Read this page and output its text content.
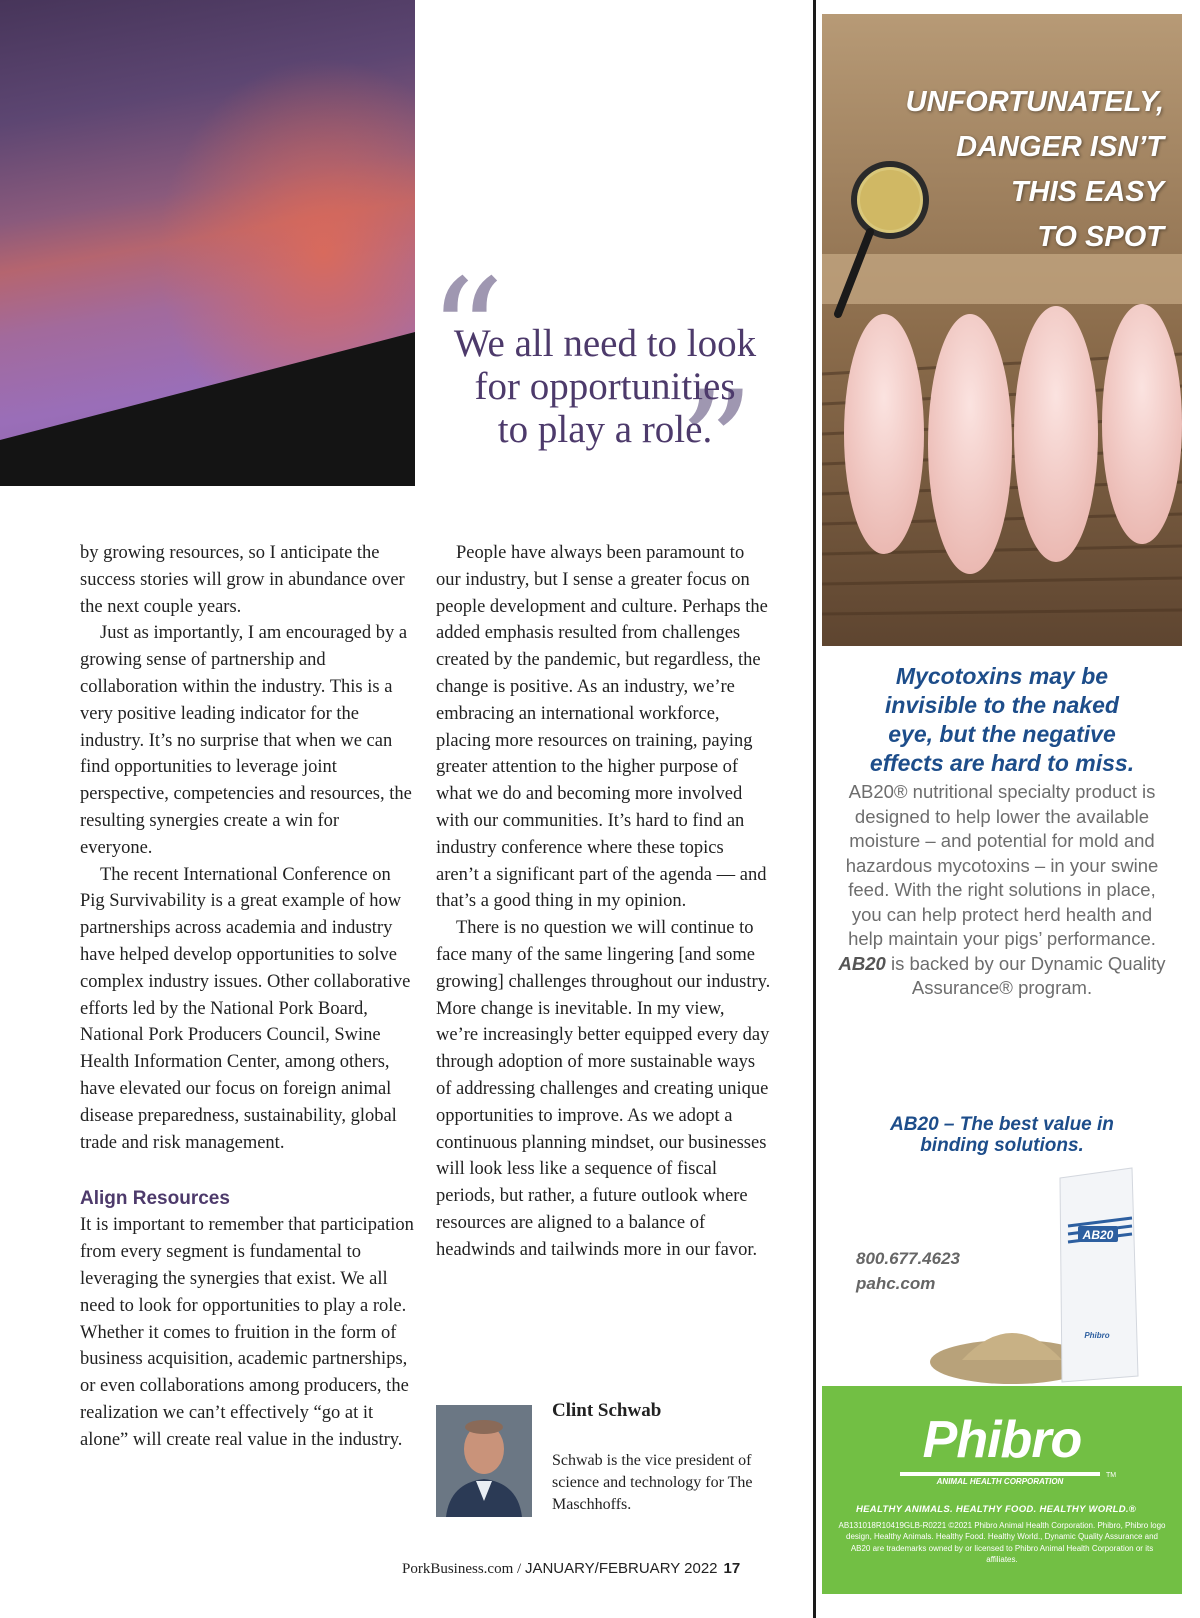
“
”
We all need to look
for opportunities
to play a role.

by growing resources, so I anticipate the success stories will grow in abundance over the next couple years.

Just as importantly, I am encouraged by a growing sense of partnership and collaboration within the industry. This is a very positive leading indicator for the industry. It’s no surprise that when we can find opportunities to leverage joint perspective, competencies and resources, the resulting synergies create a win for everyone.

The recent International Conference on Pig Survivability is a great example of how partnerships across academia and industry have helped develop opportunities to solve complex industry issues. Other collaborative efforts led by the National Pork Board, National Pork Producers Council, Swine Health Information Center, among others, have elevated our focus on foreign animal disease preparedness, sustainability, global trade and risk management.

Align Resources

It is important to remember that participation from every segment is fundamental to leveraging the synergies that exist. We all need to look for opportunities to play a role. Whether it comes to fruition in the form of business acquisition, academic partnerships, or even collaborations among producers, the realization we can’t effectively “go at it alone” will create real value in the industry.

People have always been paramount to our industry, but I sense a greater focus on people development and culture. Perhaps the added emphasis resulted from challenges created by the pandemic, but regardless, the change is positive. As an industry, we’re embracing an international workforce, placing more resources on training, paying greater attention to the higher purpose of what we do and becoming more involved with our communities. It’s hard to find an industry conference where these topics aren’t a significant part of the agenda — and that’s a good thing in my opinion.

There is no question we will continue to face many of the same lingering [and some growing] challenges throughout our industry. More change is inevitable. In my view, we’re increasingly better equipped every day through adoption of more sustainable ways of addressing challenges and creating unique opportunities to improve. As we adopt a continuous planning mindset, our businesses will look less like a sequence of fiscal periods, but rather, a future outlook where resources are aligned to a balance of headwinds and tailwinds more in our favor.

Clint Schwab
Schwab is the vice president of science and technology for The Maschhoffs.
PorkBusiness.com / JANUARY/FEBRUARY 2022 17
UNFORTUNATELY,
DANGER ISN’T
THIS EASY
TO SPOT
Mycotoxins may be
invisible to the naked
eye, but the negative
effects are hard to miss.
AB20® nutritional specialty product is designed to help lower the available moisture – and potential for mold and hazardous mycotoxins – in your swine feed. With the right solutions in place, you can help protect herd health and help maintain your pigs’ performance. AB20 is backed by our Dynamic Quality Assurance® program.
AB20 – The best value in
binding solutions.
AB20
Phibro
800.677.4623
pahc.com
Phibro
ANIMAL HEALTH CORPORATION
TM
HEALTHY ANIMALS. HEALTHY FOOD. HEALTHY WORLD.®
AB131018R10419GLB-R0221 ©2021 Phibro Animal Health Corporation. Phibro, Phibro logo design, Healthy Animals. Healthy Food. Healthy World., Dynamic Quality Assurance and AB20 are trademarks owned by or licensed to Phibro Animal Health Corporation or its affiliates.
